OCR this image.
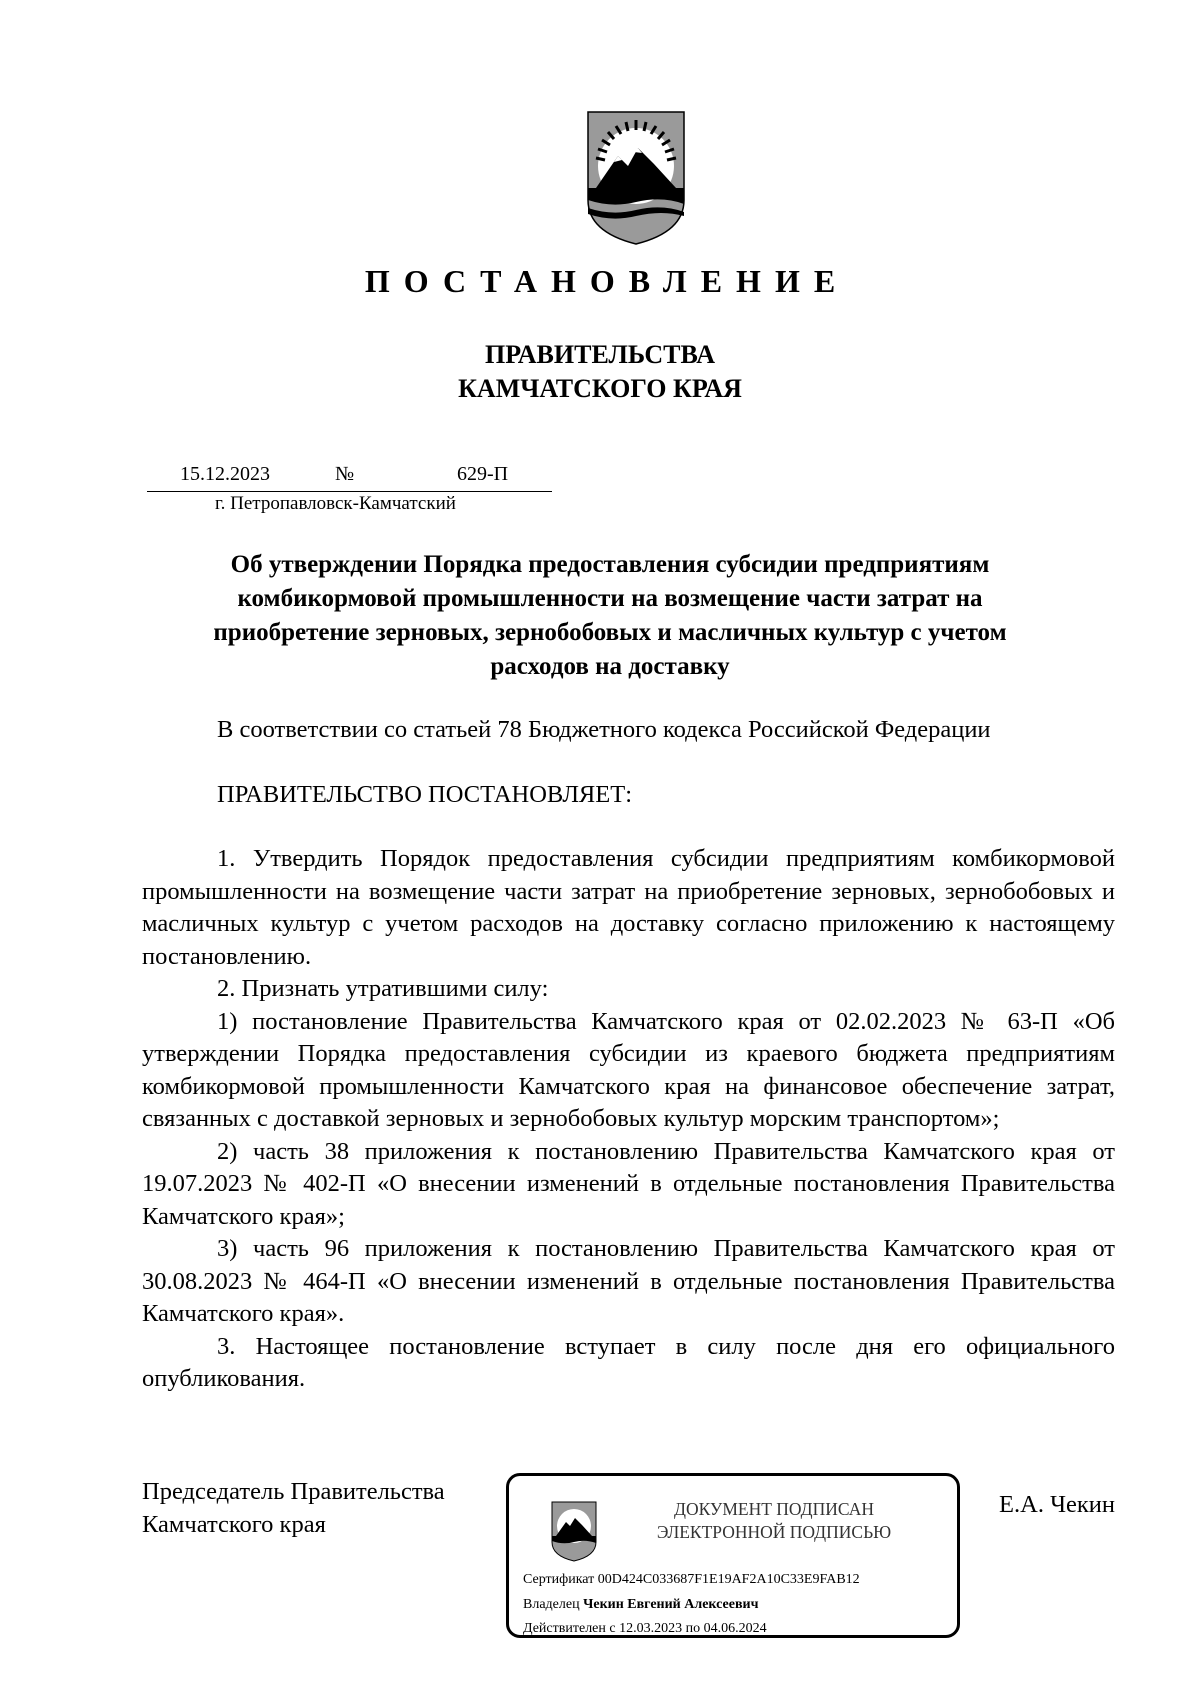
ПОСТАНОВЛЕНИЕ
ПРАВИТЕЛЬСТВА
КАМЧАТСКОГО КРАЯ
15.12.2023	№	629-П
г. Петропавловск-Камчатский
Об утверждении Порядка предоставления субсидии предприятиям
комбикормовой промышленности на возмещение части затрат на
приобретение зерновых, зернобобовых и масличных культур с учетом
расходов на доставку

В соответствии со статьей 78 Бюджетного кодекса Российской Федерации

ПРАВИТЕЛЬСТВО ПОСТАНОВЛЯЕТ:

1. Утвердить Порядок предоставления субсидии предприятиям комбикормовой промышленности на возмещение части затрат на приобретение зерновых, зернобобовых и масличных культур с учетом расходов на доставку согласно приложению к настоящему постановлению.

2. Признать утратившими силу:

1) постановление Правительства Камчатского края от 02.02.2023 № 63-П «Об утверждении Порядка предоставления субсидии из краевого бюджета предприятиям комбикормовой промышленности Камчатского края на финансовое обеспечение затрат, связанных с доставкой зерновых и зернобобовых культур морским транспортом»;

2) часть 38 приложения к постановлению Правительства Камчатского края от 19.07.2023 № 402-П «О внесении изменений в отдельные постановления Правительства Камчатского края»;

3) часть 96 приложения к постановлению Правительства Камчатского края от 30.08.2023 № 464-П «О внесении изменений в отдельные постановления Правительства Камчатского края».

3. Настоящее постановление вступает в силу после дня его официального опубликования.

Председатель Правительства
Камчатского края
Е.А. Чекин
ДОКУМЕНТ ПОДПИСАН
ЭЛЕКТРОННОЙ ПОДПИСЬЮ
Сертификат 00D424C033687F1E19AF2A10C33E9FAB12
Владелец Чекин Евгений Алексеевич
Действителен с 12.03.2023 по 04.06.2024
